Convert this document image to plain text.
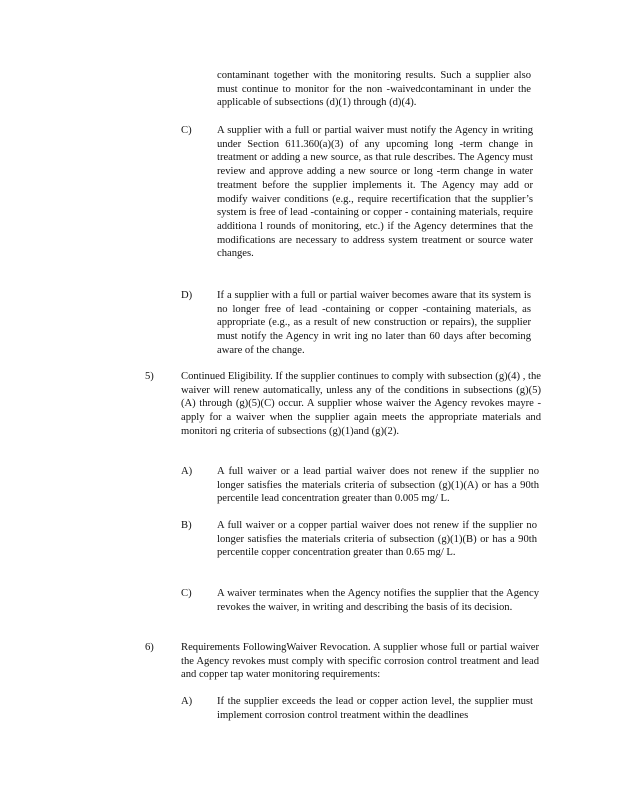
contaminant together with the monitoring results. Such a supplier also must continue to monitor for the non -waivedcontaminant in under the applicable of subsections (d)(1) through (d)(4).

C) A supplier with a full or partial waiver must notify the Agency in writing under Section 611.360(a)(3) of any upcoming long -term change in treatment or adding a new source, as that rule describes. The Agency must review and approve adding a new source or long -term change in water treatment before the supplier implements it. The Agency may add or modify waiver conditions (e.g., require recertification that the supplier’s system is free of lead -containing or copper - containing materials, require additiona l rounds of monitoring, etc.) if the Agency determines that the modifications are necessary to address system treatment or source water changes.

D) If a supplier with a full or partial waiver becomes aware that its system is no longer free of lead -containing or copper -containing materials, as appropriate (e.g., as a result of new construction or repairs), the supplier must notify the Agency in writ ing no later than 60 days after becoming aware of the change.

5)	Continued Eligibility. If the supplier continues to comply with subsection (g)(4) , the waiver will renew automatically, unless any of the conditions in subsections (g)(5)(A) through (g)(5)(C) occur. A supplier whose waiver the Agency revokes mayre - apply for a waiver when the supplier again meets the appropriate materials and monitori ng criteria of subsections (g)(1)and (g)(2).

A) A full waiver or a lead partial waiver does not renew if the supplier no longer satisfies the materials criteria of subsection (g)(1)(A) or has a 90th percentile lead concentration greater than 0.005 mg/ L.

B) A full waiver or a copper partial waiver does not renew if the supplier no longer satisfies the materials criteria of subsection (g)(1)(B) or has a 90th percentile copper concentration greater than 0.65 mg/ L.

C) A waiver terminates when the Agency notifies the supplier that the Agency revokes the waiver, in writing and describing the basis of its decision.

6)	Requirements FollowingWaiver Revocation. A supplier whose full or partial waiver the Agency revokes must comply with specific corrosion control treatment and lead and copper tap water monitoring requirements:

A) If the supplier exceeds the lead or copper action level, the supplier must implement corrosion control treatment within the deadlines
